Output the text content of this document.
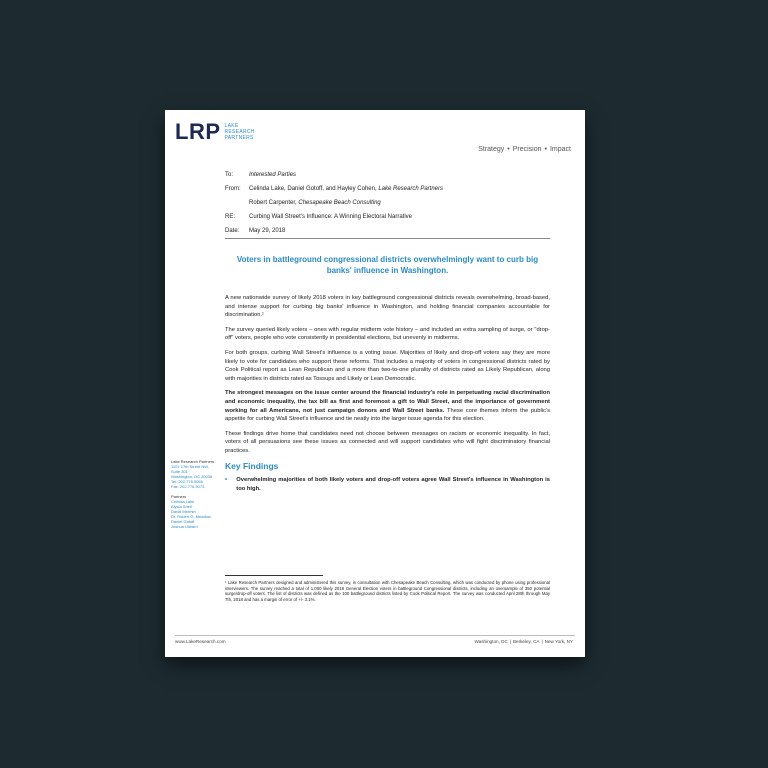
LRP LAKE
RESEARCH
PARTNERS
Strategy • Precision • Impact
To:	Interested Parties
From:	Celinda Lake, Daniel Gotoff, and Hayley Cohen, Lake Research Partners
Robert Carpenter, Chesapeake Beach Consulting
RE:	Curbing Wall Street's Influence: A Winning Electoral Narrative
Date:	May 29, 2018
Voters in battleground congressional districts overwhelmingly want to curb big banks' influence in Washington.

A new nationwide survey of likely 2018 voters in key battleground congressional districts reveals overwhelming, broad-based, and intense support for curbing big banks' influence in Washington, and holding financial companies accountable for discrimination.¹

The survey queried likely voters – ones with regular midterm vote history – and included an extra sampling of surge, or "drop-off" voters, people who vote consistently in presidential elections, but unevenly in midterms.

For both groups, curbing Wall Street's influence is a voting issue. Majorities of likely and drop-off voters say they are more likely to vote for candidates who support these reforms. That includes a majority of voters in congressional districts rated by Cook Political report as Lean Republican and a more than two-to-one plurality of districts rated as Likely Republican, along with majorities in districts rated as Tossups and Likely or Lean Democratic.

The strongest messages on the issue center around the financial industry's role in perpetuating racial discrimination and economic inequality, the tax bill as first and foremost a gift to Wall Street, and the importance of government working for all Americans, not just campaign donors and Wall Street banks. These core themes inform the public's appetite for curbing Wall Street's influence and tie neatly into the larger issue agenda for this election.

These findings drive home that candidates need not choose between messages on racism or economic inequality. In fact, voters of all persuasions see these issues as connected and will support candidates who will fight discriminatory financial practices.

Key Findings
•	Overwhelming majorities of both likely voters and drop-off voters agree Wall Street's influence in Washington is too high.
Lake Research Partners
1101 17th Street NW,
Suite 301
Washington, DC 20036
Tel: 202.776.9066
Fax: 202.776.9074
Partners
Celinda Lake
Alysia Snell
David Mermin
Dr. Robert G. Meadow
Daniel Gotoff
Joshua Ulibarri
¹ Lake Research Partners designed and administered this survey, in consultation with Chesapeake Beach Consulting, which was conducted by phone using professional interviewers. The survey reached a total of 1,000 likely 2018 General Election voters in battleground Congressional districts, including an oversample of 350 potential surge/drop-off voters. The list of districts was defined as the 100 battleground districts listed by Cook Political Report. The survey was conducted April 28th through May 7th, 2018 and has a margin of error of +/- 3.1%.
www.LakeResearch.com	Washington, DC | Berkeley, CA | New York, NY
